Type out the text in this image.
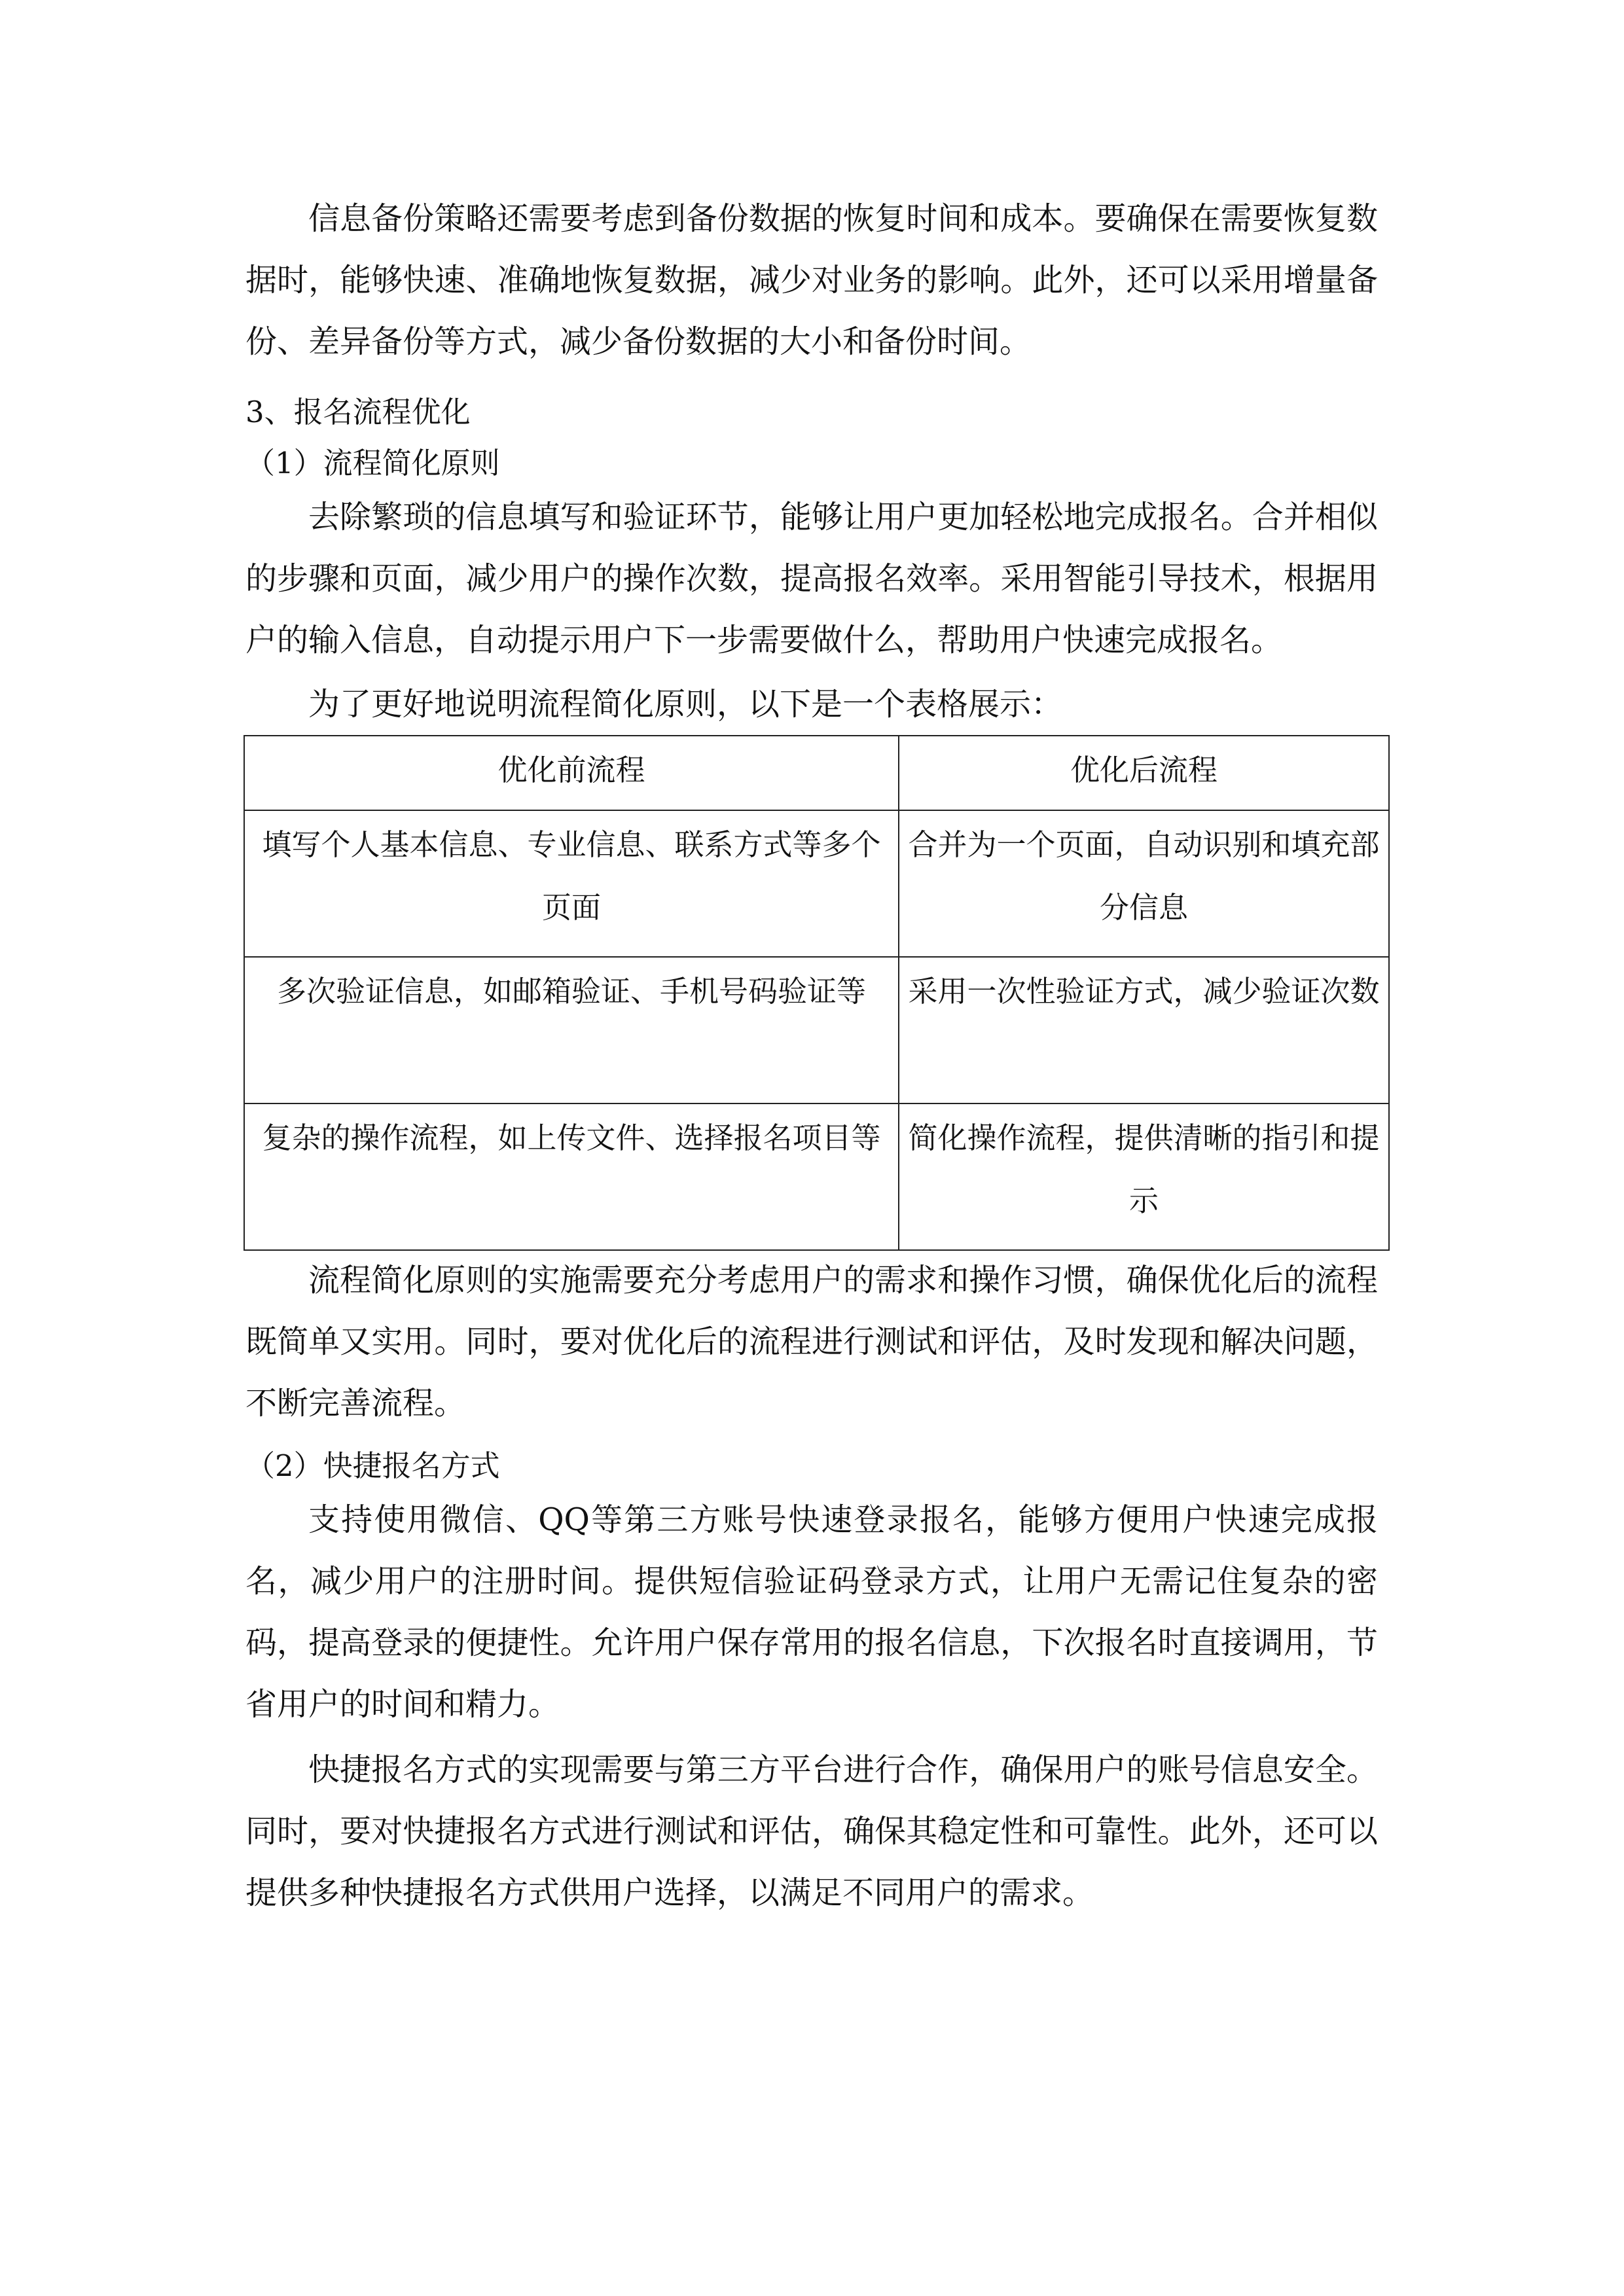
信息备份策略还需要考虑到备份数据的恢复时间和成本。要确保在需要恢复数据时，能够快速、准确地恢复数据，减少对业务的影响。此外，还可以采用增量备份、差异备份等方式，减少备份数据的大小和备份时间。

3、报名流程优化

（1）流程简化原则

去除繁琐的信息填写和验证环节，能够让用户更加轻松地完成报名。合并相似的步骤和页面，减少用户的操作次数，提高报名效率。采用智能引导技术，根据用户的输入信息，自动提示用户下一步需要做什么，帮助用户快速完成报名。

为了更好地说明流程简化原则，以下是一个表格展示：

优化前流程	优化后流程
填写个人基本信息、专业信息、联系方式等多个页面	合并为一个页面，自动识别和填充部分信息
多次验证信息，如邮箱验证、手机号码验证等	采用一次性验证方式，减少验证次数
复杂的操作流程，如上传文件、选择报名项目等	简化操作流程，提供清晰的指引和提示

流程简化原则的实施需要充分考虑用户的需求和操作习惯，确保优化后的流程既简单又实用。同时，要对优化后的流程进行测试和评估，及时发现和解决问题，不断完善流程。

（2）快捷报名方式

支持使用微信、QQ等第三方账号快速登录报名，能够方便用户快速完成报名，减少用户的注册时间。提供短信验证码登录方式，让用户无需记住复杂的密码，提高登录的便捷性。允许用户保存常用的报名信息，下次报名时直接调用，节省用户的时间和精力。

快捷报名方式的实现需要与第三方平台进行合作，确保用户的账号信息安全。同时，要对快捷报名方式进行测试和评估，确保其稳定性和可靠性。此外，还可以提供多种快捷报名方式供用户选择，以满足不同用户的需求。
